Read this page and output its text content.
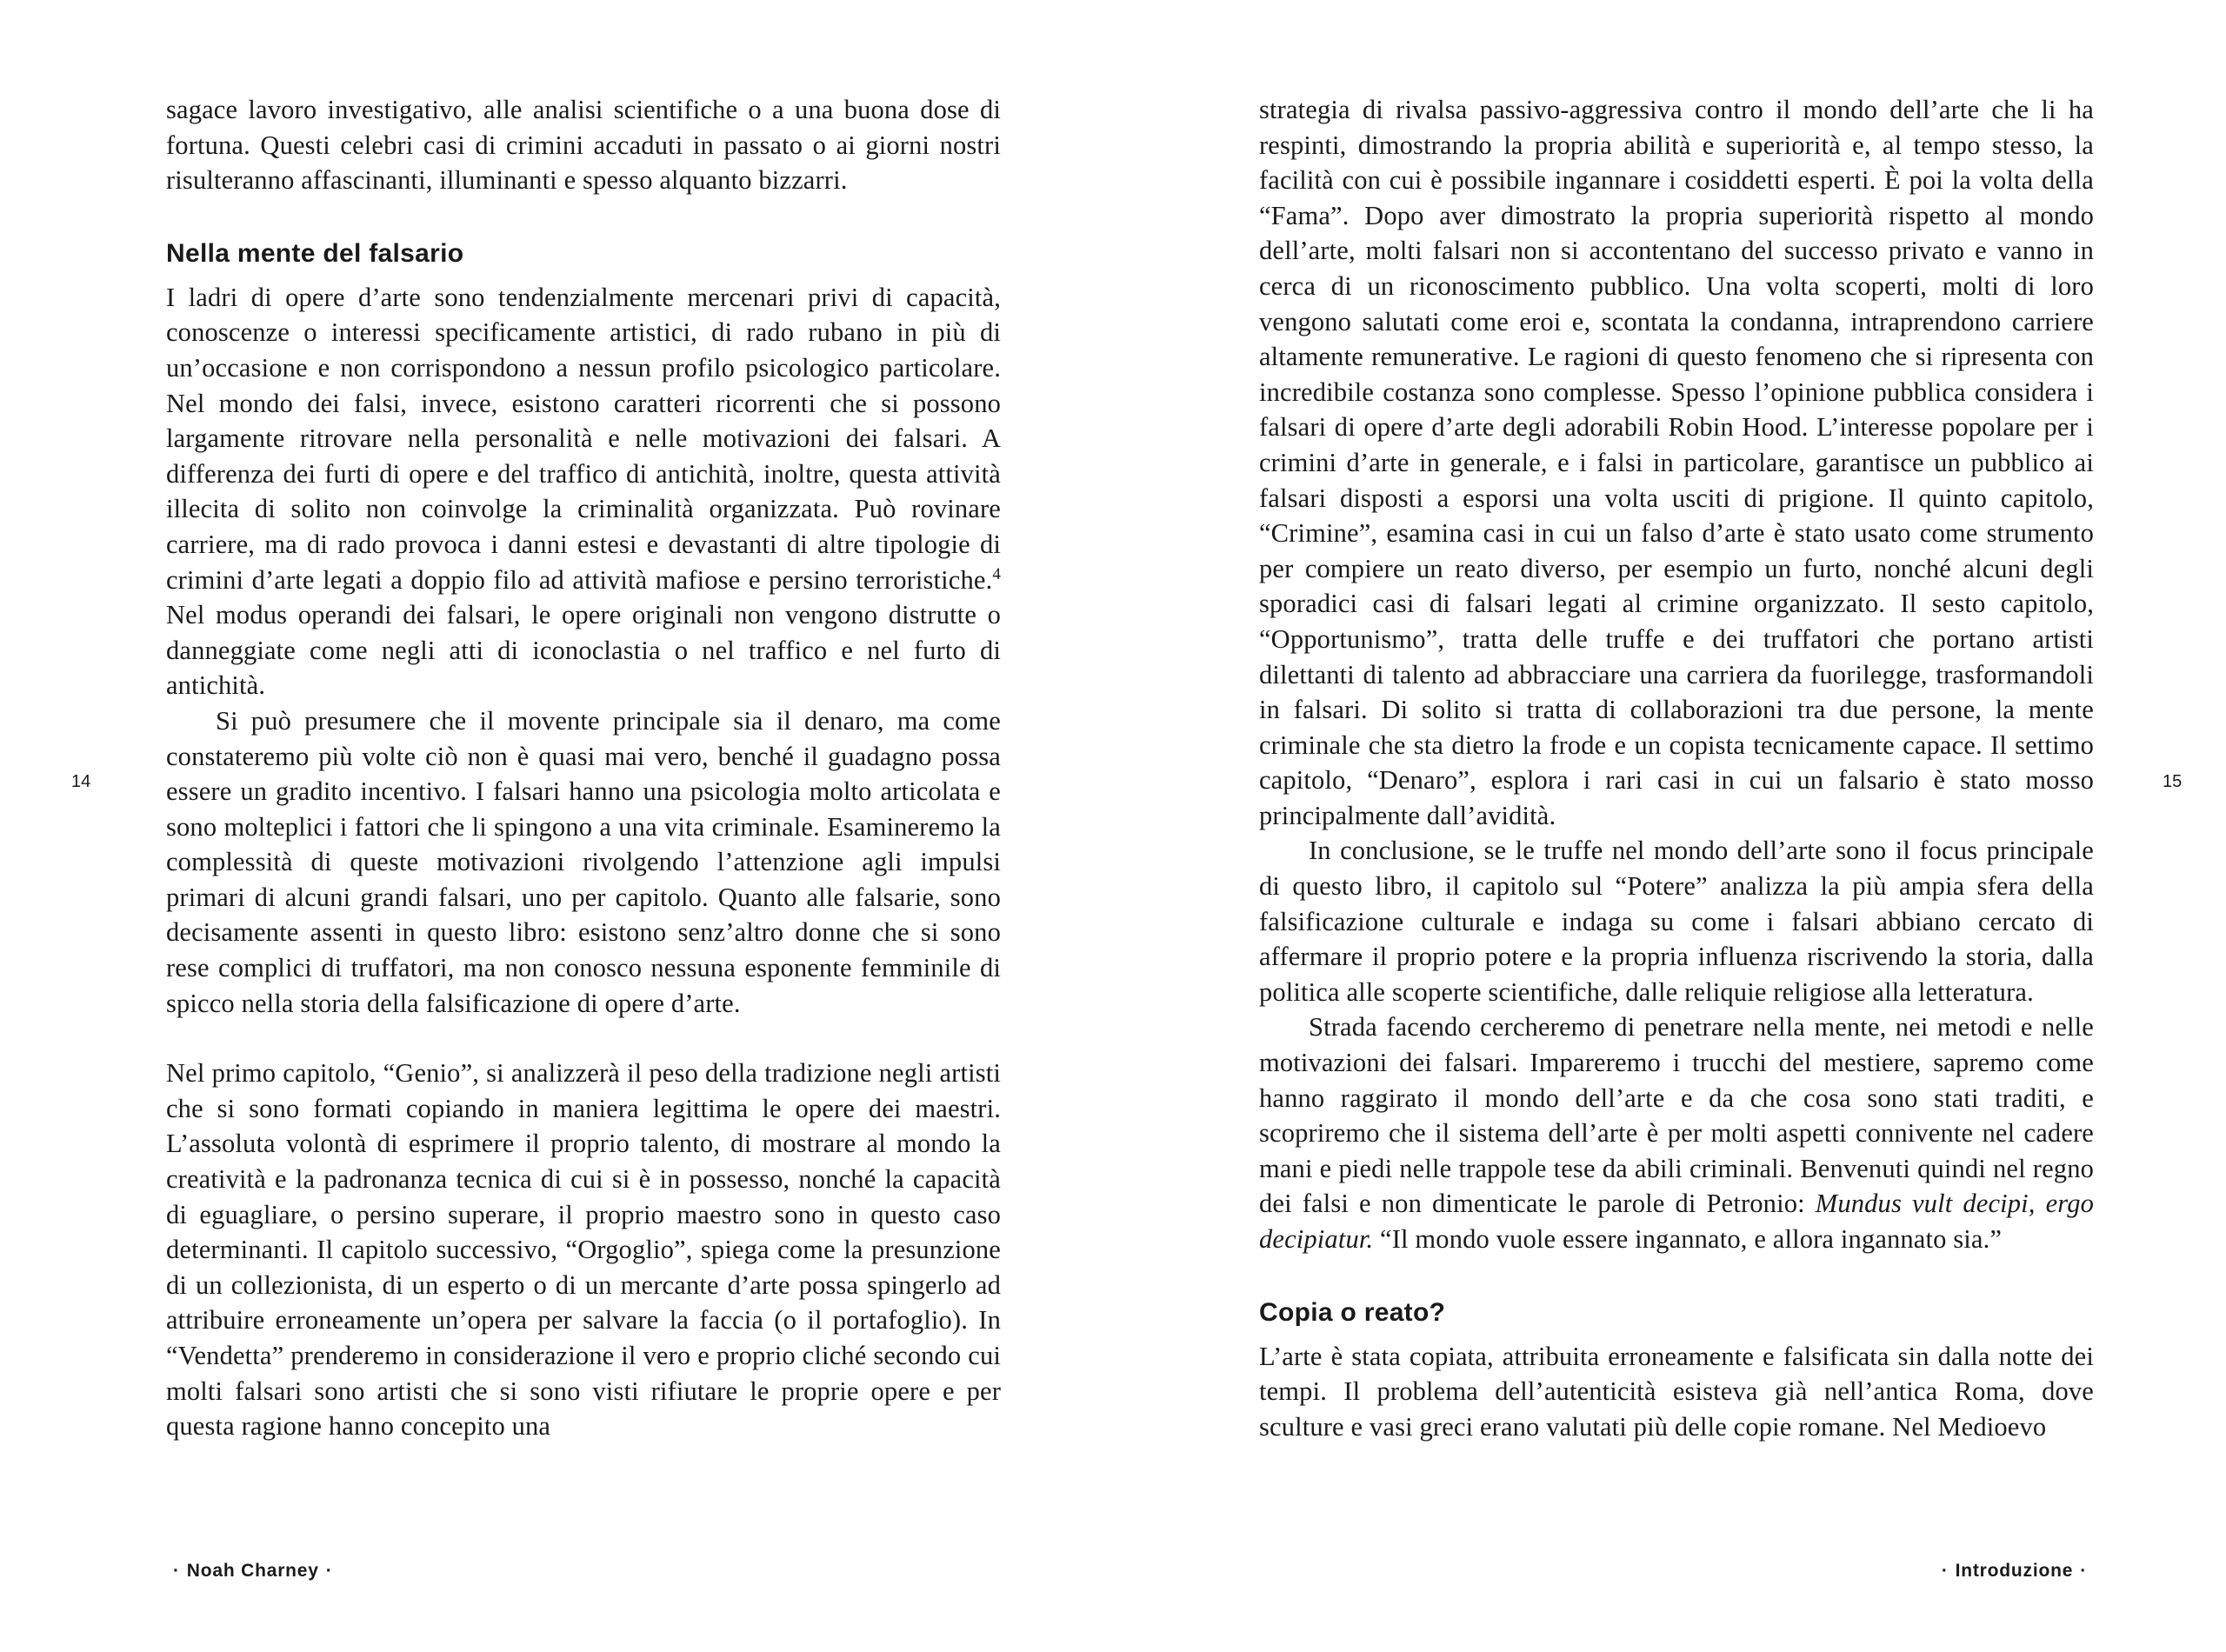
sagace lavoro investigativo, alle analisi scientifiche o a una buona dose di fortuna. Questi celebri casi di crimini accaduti in passato o ai giorni nostri risulteranno affascinanti, illuminanti e spesso alquanto bizzarri.

Nella mente del falsario

I ladri di opere d’arte sono tendenzialmente mercenari privi di capacità, conoscenze o interessi specificamente artistici, di rado rubano in più di un’occasione e non corrispondono a nessun profilo psicologico particolare. Nel mondo dei falsi, invece, esistono caratteri ricorrenti che si possono largamente ritrovare nella personalità e nelle motivazioni dei falsari. A differenza dei furti di opere e del traffico di antichità, inoltre, questa attività illecita di solito non coinvolge la criminalità organizzata. Può rovinare carriere, ma di rado provoca i danni estesi e devastanti di altre tipologie di crimini d’arte legati a doppio filo ad attività mafiose e persino terroristiche.$^4$ Nel modus operandi dei falsari, le opere originali non vengono distrutte o danneggiate come negli atti di iconoclastia o nel traffico e nel furto di antichità.

Si può presumere che il movente principale sia il denaro, ma come constateremo più volte ciò non è quasi mai vero, benché il guadagno possa essere un gradito incentivo. I falsari hanno una psicologia molto articolata e sono molteplici i fattori che li spingono a una vita criminale. Esamineremo la complessità di queste motivazioni rivolgendo l’attenzione agli impulsi primari di alcuni grandi falsari, uno per capitolo. Quanto alle falsarie, sono decisamente assenti in questo libro: esistono senz’altro donne che si sono rese complici di truffatori, ma non conosco nessuna esponente femminile di spicco nella storia della falsificazione di opere d’arte.

Nel primo capitolo, “Genio”, si analizzerà il peso della tradizione negli artisti che si sono formati copiando in maniera legittima le opere dei maestri. L’assoluta volontà di esprimere il proprio talento, di mostrare al mondo la creatività e la padronanza tecnica di cui si è in possesso, nonché la capacità di eguagliare, o persino superare, il proprio maestro sono in questo caso determinanti. Il capitolo successivo, “Orgoglio”, spiega come la presunzione di un collezionista, di un esperto o di un mercante d’arte possa spingerlo ad attribuire erroneamente un’opera per salvare la faccia (o il portafoglio). In “Vendetta” prenderemo in considerazione il vero e proprio cliché secondo cui molti falsari sono artisti che si sono visti rifiutare le proprie opere e per questa ragione hanno concepito una

14
· Noah Charney ·

strategia di rivalsa passivo-aggressiva contro il mondo dell’arte che li ha respinti, dimostrando la propria abilità e superiorità e, al tempo stesso, la facilità con cui è possibile ingannare i cosiddetti esperti. È poi la volta della “Fama”. Dopo aver dimostrato la propria superiorità rispetto al mondo dell’arte, molti falsari non si accontentano del successo privato e vanno in cerca di un riconoscimento pubblico. Una volta scoperti, molti di loro vengono salutati come eroi e, scontata la condanna, intraprendono carriere altamente remunerative. Le ragioni di questo fenomeno che si ripresenta con incredibile costanza sono complesse. Spesso l’opinione pubblica considera i falsari di opere d’arte degli adorabili Robin Hood. L’interesse popolare per i crimini d’arte in generale, e i falsi in particolare, garantisce un pubblico ai falsari disposti a esporsi una volta usciti di prigione. Il quinto capitolo, “Crimine”, esamina casi in cui un falso d’arte è stato usato come strumento per compiere un reato diverso, per esempio un furto, nonché alcuni degli sporadici casi di falsari legati al crimine organizzato. Il sesto capitolo, “Opportunismo”, tratta delle truffe e dei truffatori che portano artisti dilettanti di talento ad abbracciare una carriera da fuorilegge, trasformandoli in falsari. Di solito si tratta di collaborazioni tra due persone, la mente criminale che sta dietro la frode e un copista tecnicamente capace. Il settimo capitolo, “Denaro”, esplora i rari casi in cui un falsario è stato mosso principalmente dall’avidità.

In conclusione, se le truffe nel mondo dell’arte sono il focus principale di questo libro, il capitolo sul “Potere” analizza la più ampia sfera della falsificazione culturale e indaga su come i falsari abbiano cercato di affermare il proprio potere e la propria influenza riscrivendo la storia, dalla politica alle scoperte scientifiche, dalle reliquie religiose alla letteratura.

Strada facendo cercheremo di penetrare nella mente, nei metodi e nelle motivazioni dei falsari. Impareremo i trucchi del mestiere, sapremo come hanno raggirato il mondo dell’arte e da che cosa sono stati traditi, e scopriremo che il sistema dell’arte è per molti aspetti connivente nel cadere mani e piedi nelle trappole tese da abili criminali. Benvenuti quindi nel regno dei falsi e non dimenticate le parole di Petronio: Mundus vult decipi, ergo decipiatur. “Il mondo vuole essere ingannato, e allora ingannato sia.”

Copia o reato?

L’arte è stata copiata, attribuita erroneamente e falsificata sin dalla notte dei tempi. Il problema dell’autenticità esisteva già nell’antica Roma, dove sculture e vasi greci erano valutati più delle copie romane. Nel Medioevo

15
· Introduzione ·
